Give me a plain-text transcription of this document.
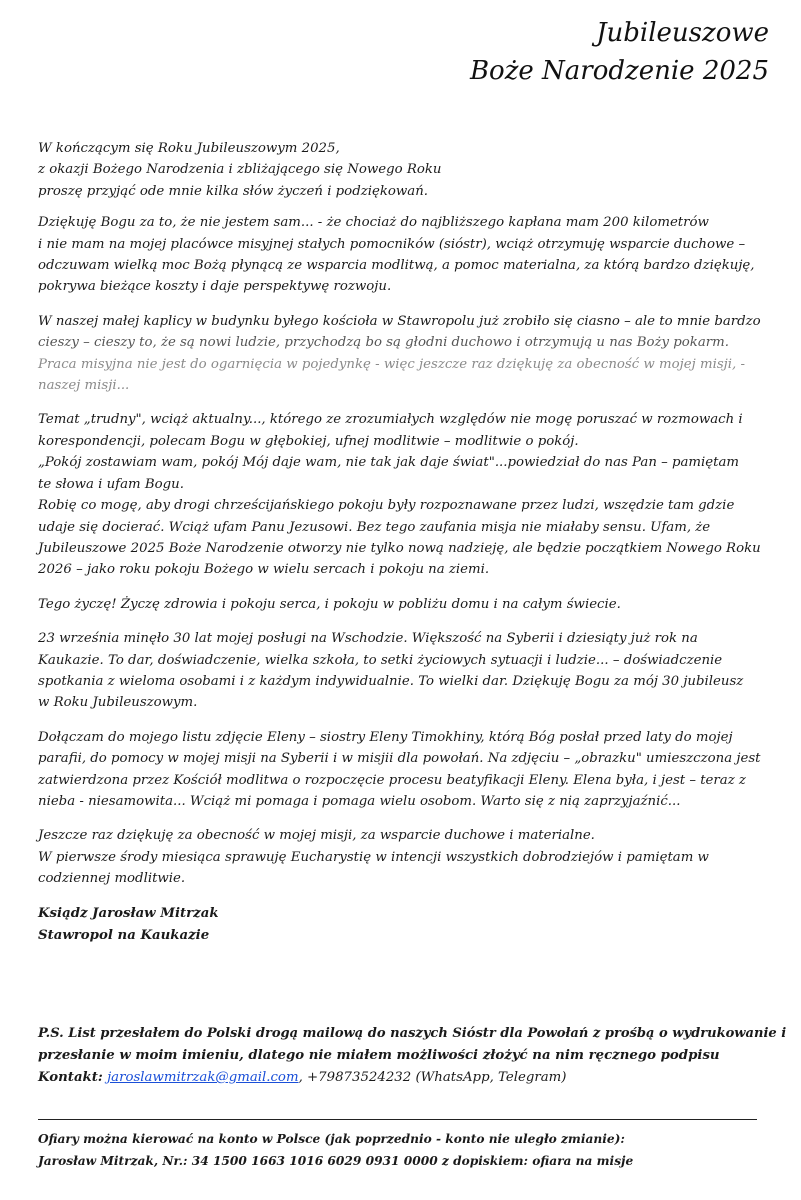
Jubileuszowe
Boże Narodzenie 2025

W kończącym się Roku Jubileuszowym 2025,
z okazji Bożego Narodzenia i zbliżającego się Nowego Roku
proszę przyjąć ode mnie kilka słów życzeń i podziękowań.

Dziękuję Bogu za to, że nie jestem sam... - że chociaż do najbliższego kapłana mam 200 kilometrów
i nie mam na mojej placówce misyjnej stałych pomocników (sióstr), wciąż otrzymuję wsparcie duchowe –
odczuwam wielką moc Bożą płynącą ze wsparcia modlitwą, a pomoc materialna, za którą bardzo dziękuję,
pokrywa bieżące koszty i daje perspektywę rozwoju.

W naszej małej kaplicy w budynku byłego kościoła w Stawropolu już zrobiło się ciasno – ale to mnie bardzo
cieszy – cieszy to, że są nowi ludzie, przychodzą bo są głodni duchowo i otrzymują u nas Boży pokarm.
Praca misyjna nie jest do ogarnięcia w pojedynkę - więc jeszcze raz dziękuję za obecność w mojej misji, -
naszej misji...

Temat „trudny", wciąż aktualny..., którego ze zrozumiałych względów nie mogę poruszać w rozmowach i
korespondencji, polecam Bogu w głębokiej, ufnej modlitwie – modlitwie o pokój.
„Pokój zostawiam wam, pokój Mój daje wam, nie tak jak daje świat"...powiedział do nas Pan – pamiętam
te słowa i ufam Bogu.
Robię co mogę, aby drogi chrześcijańskiego pokoju były rozpoznawane przez ludzi, wszędzie tam gdzie
udaje się docierać. Wciąż ufam Panu Jezusowi. Bez tego zaufania misja nie miałaby sensu. Ufam, że
Jubileuszowe 2025 Boże Narodzenie otworzy nie tylko nową nadzieję, ale będzie początkiem Nowego Roku
2026 – jako roku pokoju Bożego w wielu sercach i pokoju na ziemi.

Tego życzę! Życzę zdrowia i pokoju serca, i pokoju w pobliżu domu i na całym świecie.

23 września minęło 30 lat mojej posługi na Wschodzie. Większość na Syberii i dziesiąty już rok na
Kaukazie. To dar, doświadczenie, wielka szkoła, to setki życiowych sytuacji i ludzie... – doświadczenie
spotkania z wieloma osobami i z każdym indywidualnie. To wielki dar. Dziękuję Bogu za mój 30 jubileusz
w Roku Jubileuszowym.

Dołączam do mojego listu zdjęcie Eleny – siostry Eleny Timokhiny, którą Bóg posłał przed laty do mojej
parafii, do pomocy w mojej misji na Syberii i w misjii dla powołań. Na zdjęciu – „obrazku" umieszczona jest
zatwierdzona przez Kościół modlitwa o rozpoczęcie procesu beatyfikacji Eleny. Elena była, i jest – teraz z
nieba - niesamowita... Wciąż mi pomaga i pomaga wielu osobom. Warto się z nią zaprzyjaźnić...

Jeszcze raz dziękuję za obecność w mojej misji, za wsparcie duchowe i materialne.
W pierwsze środy miesiąca sprawuję Eucharystię w intencji wszystkich dobrodziejów i pamiętam w
codziennej modlitwie.

Ksiądz Jarosław Mitrzak
Stawropol na Kaukazie
P.S. List przesłałem do Polski drogą mailową do naszych Sióstr dla Powołań z prośbą o wydrukowanie i
przesłanie w moim imieniu, dlatego nie miałem możliwości złożyć na nim ręcznego podpisu
Kontakt: jaroslawmitrzak@gmail.com, +79873524232 (WhatsApp, Telegram)
Ofiary można kierować na konto w Polsce (jak poprzednio - konto nie uległo zmianie):
Jarosław Mitrzak, Nr.: 34 1500 1663 1016 6029 0931 0000 z dopiskiem: ofiara na misje
